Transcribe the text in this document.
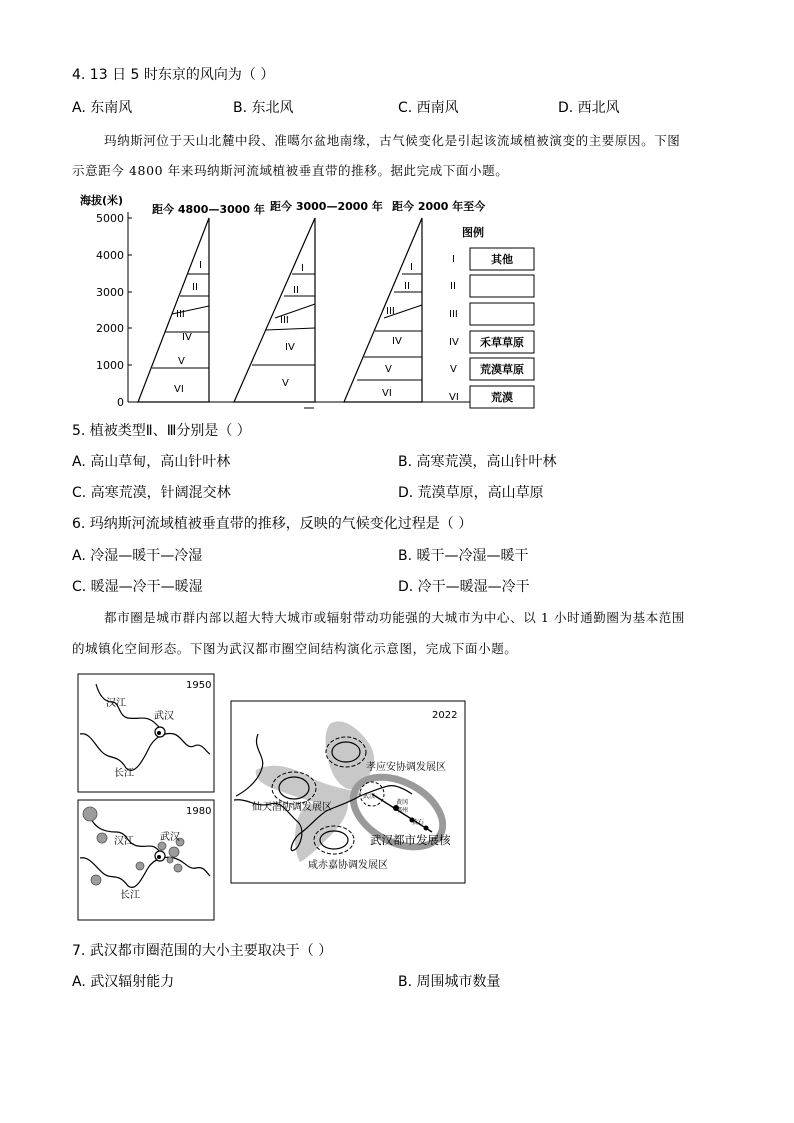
4. 13 日 5 时东京的风向为（ ）
A. 东南风	B. 东北风	C. 西南风	D. 西北风
玛纳斯河位于天山北麓中段、准噶尔盆地南缘，古气候变化是引起该流域植被演变的主要原因。下图
示意距今 4800 年来玛纳斯河流域植被垂直带的推移。据此完成下面小题。
海拔(米)
5000
4000
3000
2000
1000
0
距今 4800—3000 年
I
II
III
IV
V
VI
距今 3000—2000 年
I
II
III
IV
V
距今 2000 年至今
I
II
III
IV
V
VI
图例
I
II
III
IV
V
VI
其他
禾草草原
荒漠草原
荒漠
5. 植被类型Ⅱ、Ⅲ分别是（ ）
A. 高山草甸，高山针叶林	B. 高寒荒漠，高山针叶林
C. 高寒荒漠，针阔混交林	D. 荒漠草原，高山草原
6. 玛纳斯河流域植被垂直带的推移，反映的气候变化过程是（ ）
A. 冷湿—暖干—冷湿	B. 暖干—冷湿—暖干
C. 暖湿—冷干—暖湿	D. 冷干—暖湿—冷干
都市圈是城市群内部以超大特大城市或辐射带动功能强的大城市为中心、以 1 小时通勤圈为基本范围
的城镇化空间形态。下图为武汉都市圈空间结构演化示意图，完成下面小题。
1950
汉江
武汉
长江
1980
汉江	武汉
长江
2022
孝应安协调发展区
仙天潜协调发展区
武汉都市发展核
咸赤嘉协调发展区
武汉
鄂州
黄冈
黄石
7. 武汉都市圈范围的大小主要取决于（ ）
A. 武汉辐射能力	B. 周围城市数量
